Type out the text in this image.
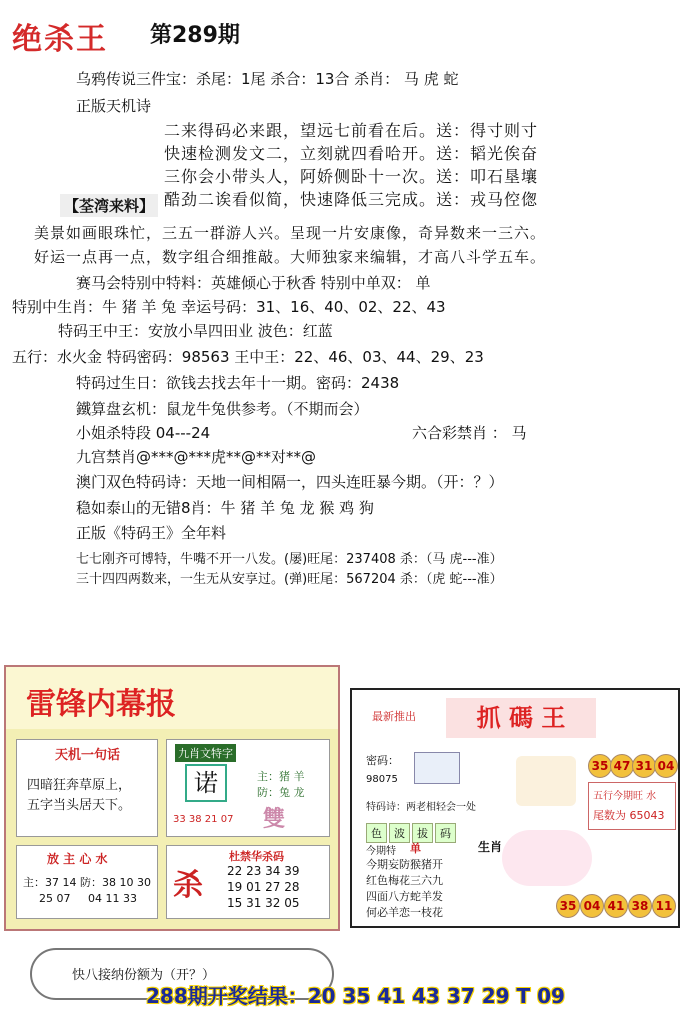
绝杀王 第289期
乌鸦传说三件宝：杀尾：1尾 杀合：13合 杀肖： 马 虎 蛇
正版天机诗
二来得码必来跟，望远七前看在后。送：得寸则寸
快速检测发文二，立刻就四看哈开。送：韬光俟奋
三你会小带头人，阿娇侧卧十一次。送：叩石垦壤
酷劲二诶看似简，快速降低三完成。送：戎马倥偬
【荃湾来料】
美景如画眼珠忙，三五一群游人兴。呈现一片安康像，奇异数来一三六。
好运一点再一点，数字组合细推敲。大师独家来编辑，才高八斗学五车。
赛马会特别中特料：英雄倾心于秋香 特别中单双： 单
特别中生肖：牛 猪 羊 兔 幸运号码：31、16、40、02、22、43
特码王中王：安放小旱四田业 波色：红蓝
五行：水火金 特码密码：98563 王中王：22、46、03、44、29、23
特码过生日：欲钱去找去年十一期。密码：2438
鐵算盘玄机：鼠龙牛兔供参考。（不期而会）
小姐杀特段 04---24	六合彩禁肖 ： 马
九宫禁肖@***@***虎**@**对**@
澳门双色特码诗：天地一间相隔一，四头连旺暴今期。（开：？）
稳如泰山的无错8肖：牛 猪 羊 兔 龙 猴 鸡 狗
正版《特码王》全年料
七七刚齐可博特，牛嘴不开一八发。(屡)旺尾：237408 杀：（马 虎---准）
三十四四两数来，一生无从安享过。(弹)旺尾：567204 杀：（虎 蛇---准）
雷锋内幕报
天机一句话
四暗狂奔草原上，
五字当头居天下。
九肖文特字
诺	主：猪 羊
防：兔 龙
33 38 21 07 雙
放 主 心 水
主：37 14 防：38 10 30
25 07     04 11 33 杀
杜禁华杀码
22 23 34 39
19 01 27 28
15 31 32 05
最新推出	抓 碼 王
密码：
98075
特码诗：两老相轻会一处
色 波 拔 码
今期特 单
今期妄防猴猪开
红色梅花三六九
四面八方蛇羊发
何必羊恋一枝花
生肖
35 47 31 04
五行今期旺 水
尾数为 65043
35 04 41 38 11
快八接纳份额为（开？）
288期开奖结果：20 35 41 43 37 29 T 09
